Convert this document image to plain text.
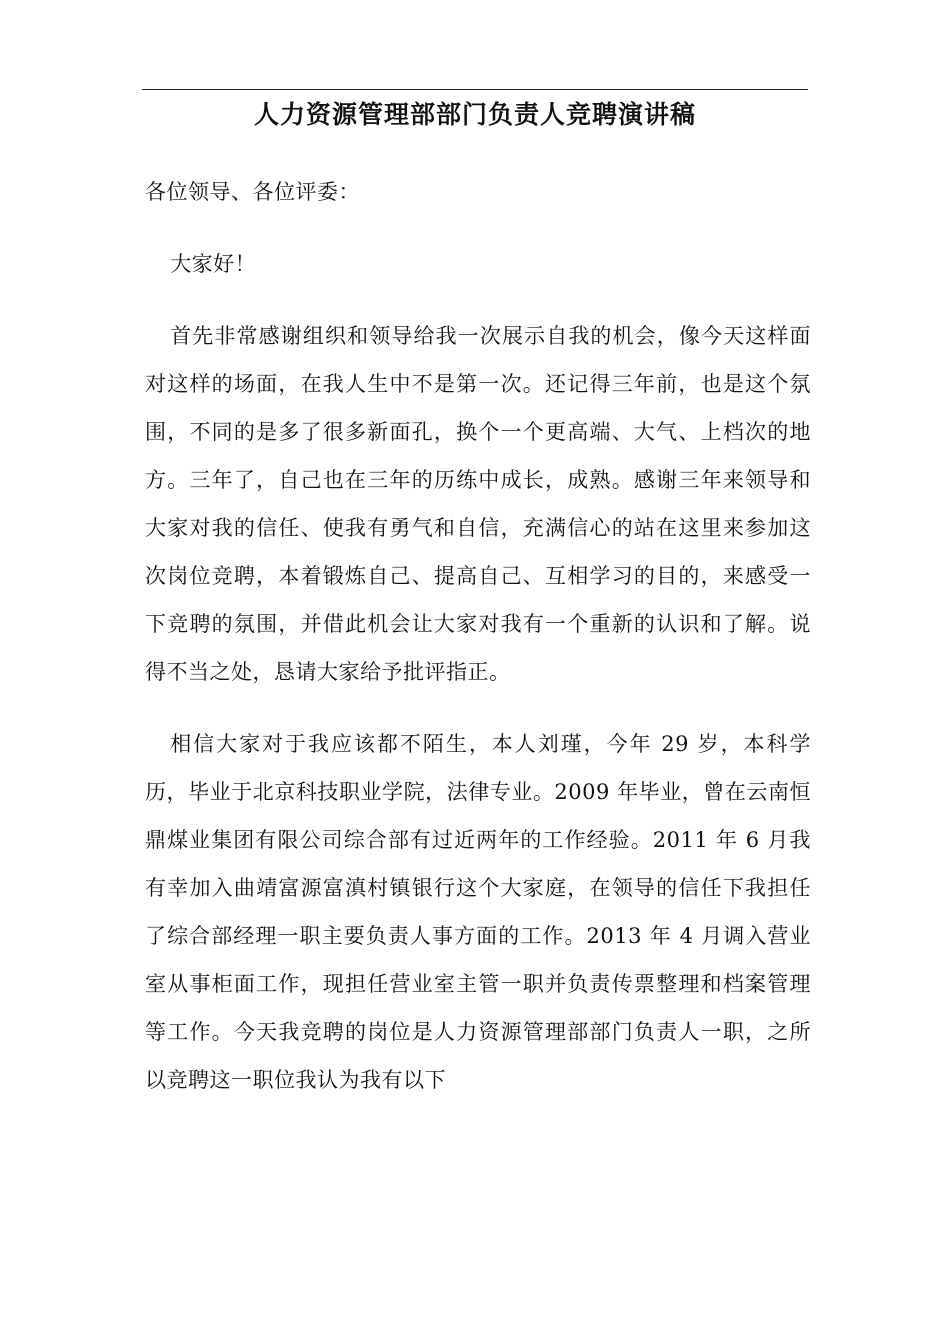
人力资源管理部部门负责人竞聘演讲稿

各位领导、各位评委：

大家好！

首先非常感谢组织和领导给我一次展示自我的机会，像今天这样面对这样的场面，在我人生中不是第一次。还记得三年前，也是这个氛围，不同的是多了很多新面孔，换个一个更高端、大气、上档次的地方。三年了，自己也在三年的历练中成长，成熟。感谢三年来领导和大家对我的信任、使我有勇气和自信，充满信心的站在这里来参加这次岗位竞聘，本着锻炼自己、提高自己、互相学习的目的，来感受一下竞聘的氛围，并借此机会让大家对我有一个重新的认识和了解。说得不当之处，恳请大家给予批评指正。

相信大家对于我应该都不陌生，本人刘瑾，今年 29 岁，本科学历，毕业于北京科技职业学院，法律专业。2009 年毕业，曾在云南恒鼎煤业集团有限公司综合部有过近两年的工作经验。2011 年 6 月我有幸加入曲靖富源富滇村镇银行这个大家庭，在领导的信任下我担任了综合部经理一职主要负责人事方面的工作。2013 年 4 月调入营业室从事柜面工作，现担任营业室主管一职并负责传票整理和档案管理等工作。今天我竞聘的岗位是人力资源管理部部门负责人一职，之所以竞聘这一职位我认为我有以下
